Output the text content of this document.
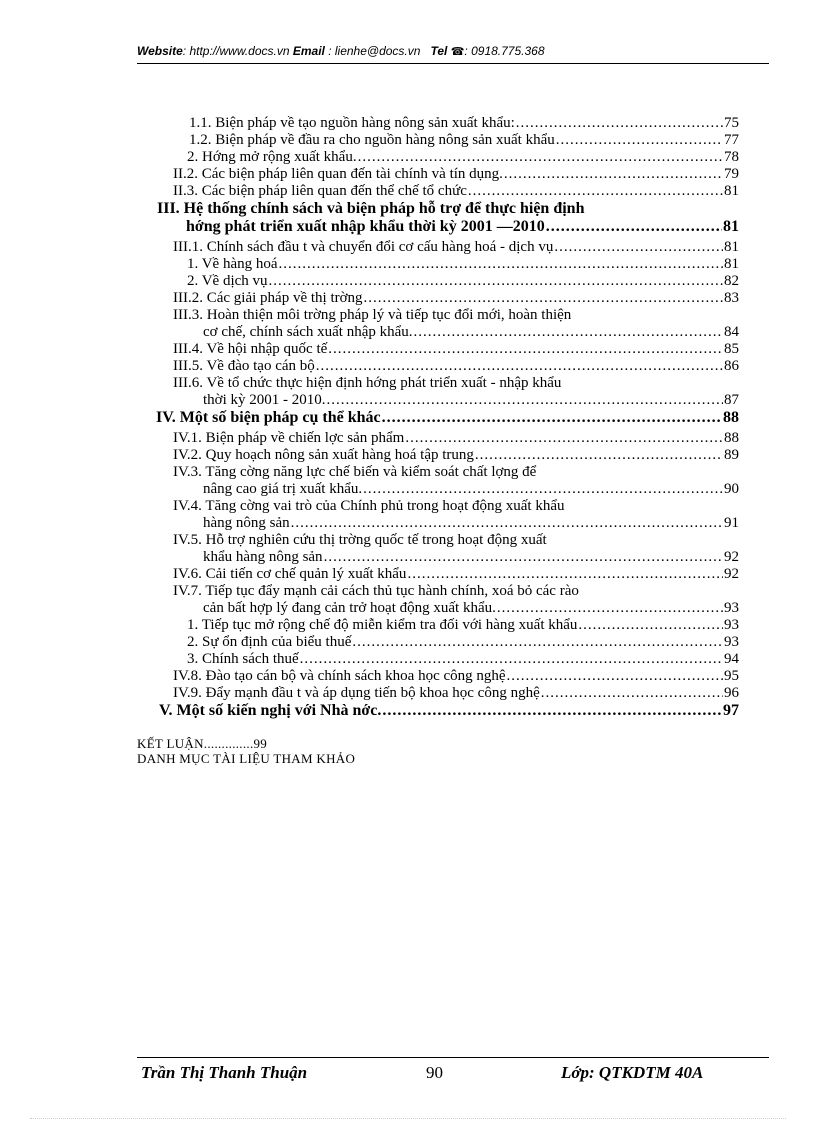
Website: http://www.docs.vn Email : lienhe@docs.vn Tel ☎: 0918.775.368
1.1. Biện pháp về tạo nguồn hàng nông sản xuất khẩu: .....	75
1.2. Biện pháp về đầu ra cho nguồn hàng nông sản xuất khẩu .....	77
2. Hớng mở rộng xuất khẩu. .....	78
II.2. Các biện pháp liên quan đến tài chính và tín dụng. .....	79
II.3. Các biện pháp liên quan đến thể chế tổ chức .....	81
III. Hệ thống chính sách và biện pháp hỗ trợ để thực hiện định
hớng phát triển xuất nhập khẩu thời kỳ 2001 —2010 .....	81
III.1. Chính sách đầu t và chuyển đổi cơ cấu hàng hoá - dịch vụ .....	81
1. Về hàng hoá .....	81
2. Về dịch vụ .....	82
III.2. Các giải pháp về thị trờng .....	83
III.3. Hoàn thiện môi trờng pháp lý và tiếp tục đổi mới, hoàn thiện
cơ chế, chính sách xuất nhập khẩu. .....	84
III.4. Về hội nhập quốc tế .....	85
III.5. Về đào tạo cán bộ .....	86
III.6. Về tổ chức thực hiện định hớng phát triển xuất - nhập khẩu
thời kỳ 2001 - 2010. .....	87
IV. Một số biện pháp cụ thể khác .....	88
IV.1. Biện pháp về chiến lợc sản phẩm .....	88
IV.2. Quy hoạch nông sản xuất hàng hoá tập trung .....	89
IV.3. Tăng cờng năng lực chế biến và kiểm soát chất lợng để
nâng cao giá trị xuất khẩu. .....	90
IV.4. Tăng cờng vai trò của Chính phủ trong hoạt động xuất khẩu
hàng nông sản .....	91
IV.5. Hỗ trợ nghiên cứu thị trờng quốc tế trong hoạt động xuất
khẩu hàng nông sản .....	92
IV.6. Cải tiến cơ chế quản lý xuất khẩu .....	92
IV.7. Tiếp tục đẩy mạnh cải cách thủ tục hành chính, xoá bỏ các rào
cản bất hợp lý đang cản trở hoạt động xuất khẩu. .....	93
1. Tiếp tục mở rộng chế độ miễn kiểm tra đối với hàng xuất khẩu .....	93
2. Sự ổn định của biểu thuế .....	93
3. Chính sách thuế .....	94
IV.8. Đào tạo cán bộ và chính sách khoa học công nghệ .....	95
IV.9. Đẩy mạnh đầu t và áp dụng tiến bộ khoa học công nghệ .....	96
V. Một số kiến nghị với Nhà nớc. .....	97
KẾT LUẬN..............99
DANH MỤC TÀI LIỆU THAM KHẢO
Trần Thị Thanh Thuận	90	Lớp: QTKDTM 40A
